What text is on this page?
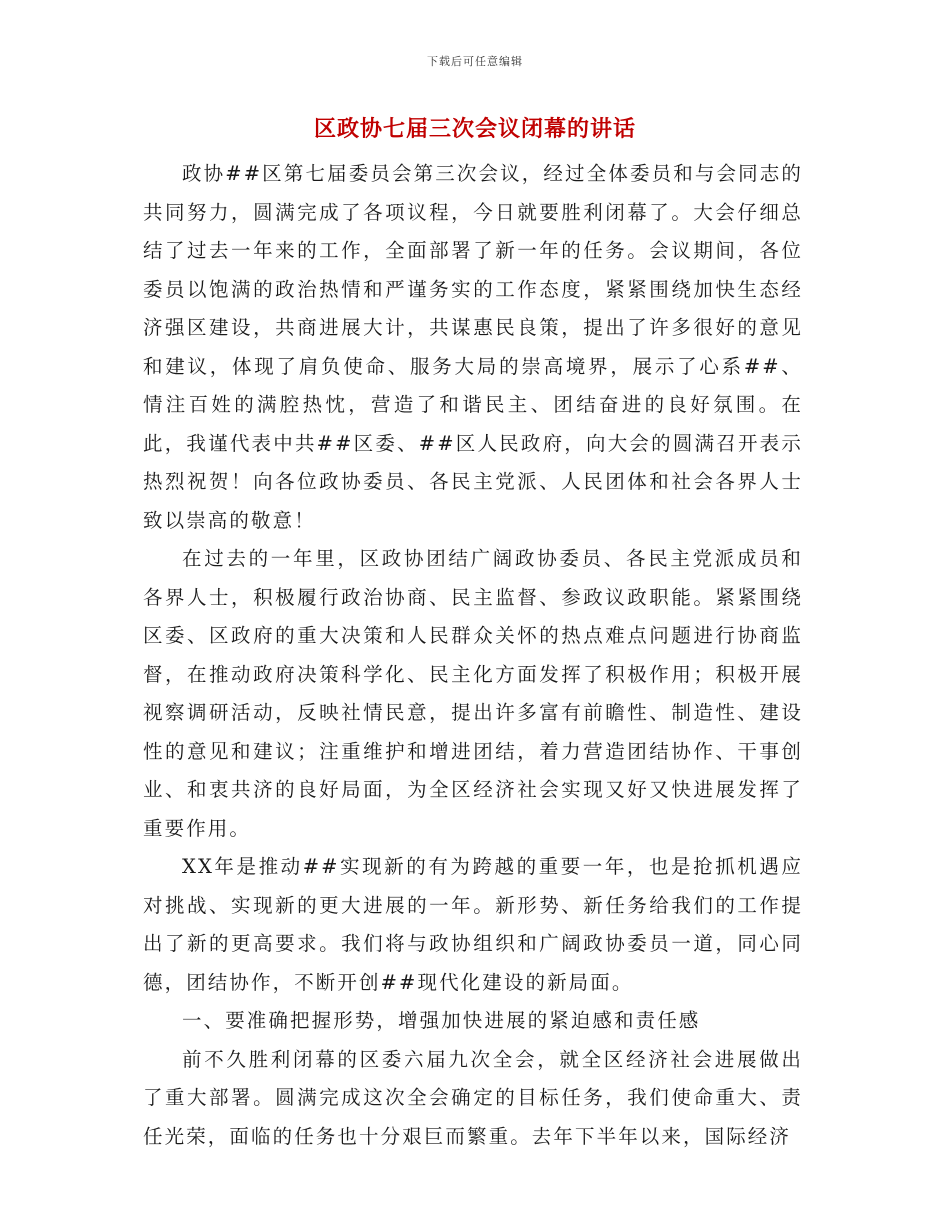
下载后可任意编辑
区政协七届三次会议闭幕的讲话

政协##区第七届委员会第三次会议，经过全体委员和与会同志的共同努力，圆满完成了各项议程，今日就要胜利闭幕了。大会仔细总结了过去一年来的工作，全面部署了新一年的任务。会议期间，各位委员以饱满的政治热情和严谨务实的工作态度，紧紧围绕加快生态经济强区建设，共商进展大计，共谋惠民良策，提出了许多很好的意见和建议，体现了肩负使命、服务大局的崇高境界，展示了心系##、情注百姓的满腔热忱，营造了和谐民主、团结奋进的良好氛围。在此，我谨代表中共##区委、##区人民政府，向大会的圆满召开表示热烈祝贺！向各位政协委员、各民主党派、人民团体和社会各界人士致以崇高的敬意！

在过去的一年里，区政协团结广阔政协委员、各民主党派成员和各界人士，积极履行政治协商、民主监督、参政议政职能。紧紧围绕区委、区政府的重大决策和人民群众关怀的热点难点问题进行协商监督，在推动政府决策科学化、民主化方面发挥了积极作用；积极开展视察调研活动，反映社情民意，提出许多富有前瞻性、制造性、建设性的意见和建议；注重维护和增进团结，着力营造团结协作、干事创业、和衷共济的良好局面，为全区经济社会实现又好又快进展发挥了重要作用。

XX年是推动##实现新的有为跨越的重要一年，也是抢抓机遇应对挑战、实现新的更大进展的一年。新形势、新任务给我们的工作提出了新的更高要求。我们将与政协组织和广阔政协委员一道，同心同德，团结协作，不断开创##现代化建设的新局面。

一、要准确把握形势，增强加快进展的紧迫感和责任感

前不久胜利闭幕的区委六届九次全会，就全区经济社会进展做出了重大部署。圆满完成这次全会确定的目标任务，我们使命重大、责任光荣，面临的任务也十分艰巨而繁重。去年下半年以来，国际经济
